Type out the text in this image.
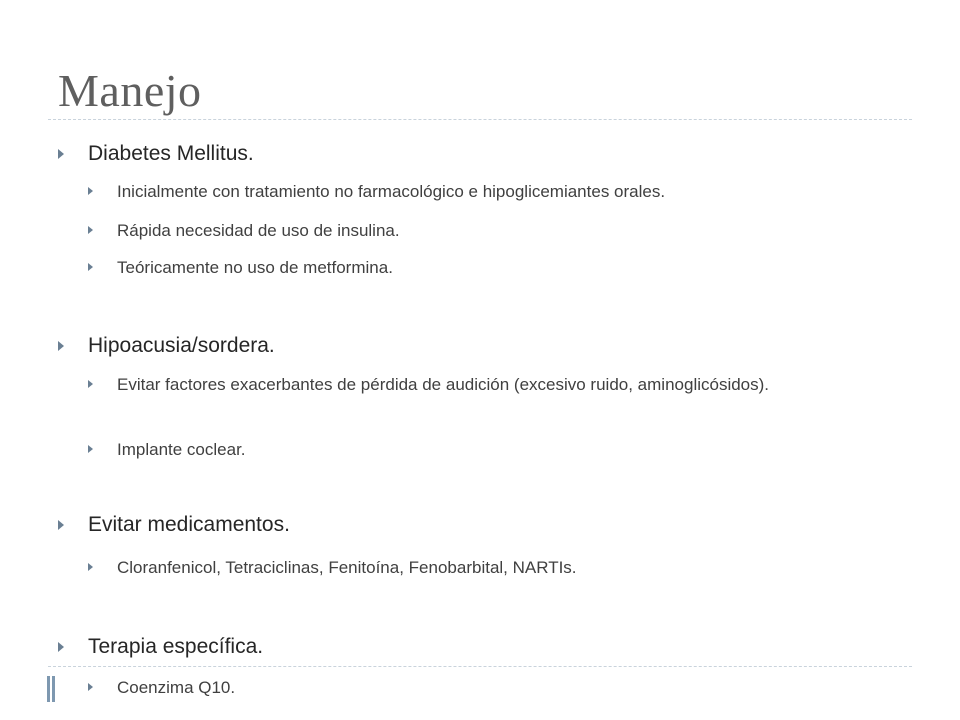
Manejo
Diabetes Mellitus.
Inicialmente con tratamiento no farmacológico e hipoglicemiantes orales.
Rápida necesidad de uso de insulina.
Teóricamente no uso de metformina.
Hipoacusia/sordera.
Evitar factores exacerbantes de pérdida de audición (excesivo ruido, aminoglicósidos).
Implante coclear.
Evitar medicamentos.
Cloranfenicol, Tetraciclinas, Fenitoína, Fenobarbital, NARTIs.
Terapia específica.
Coenzima Q10.
